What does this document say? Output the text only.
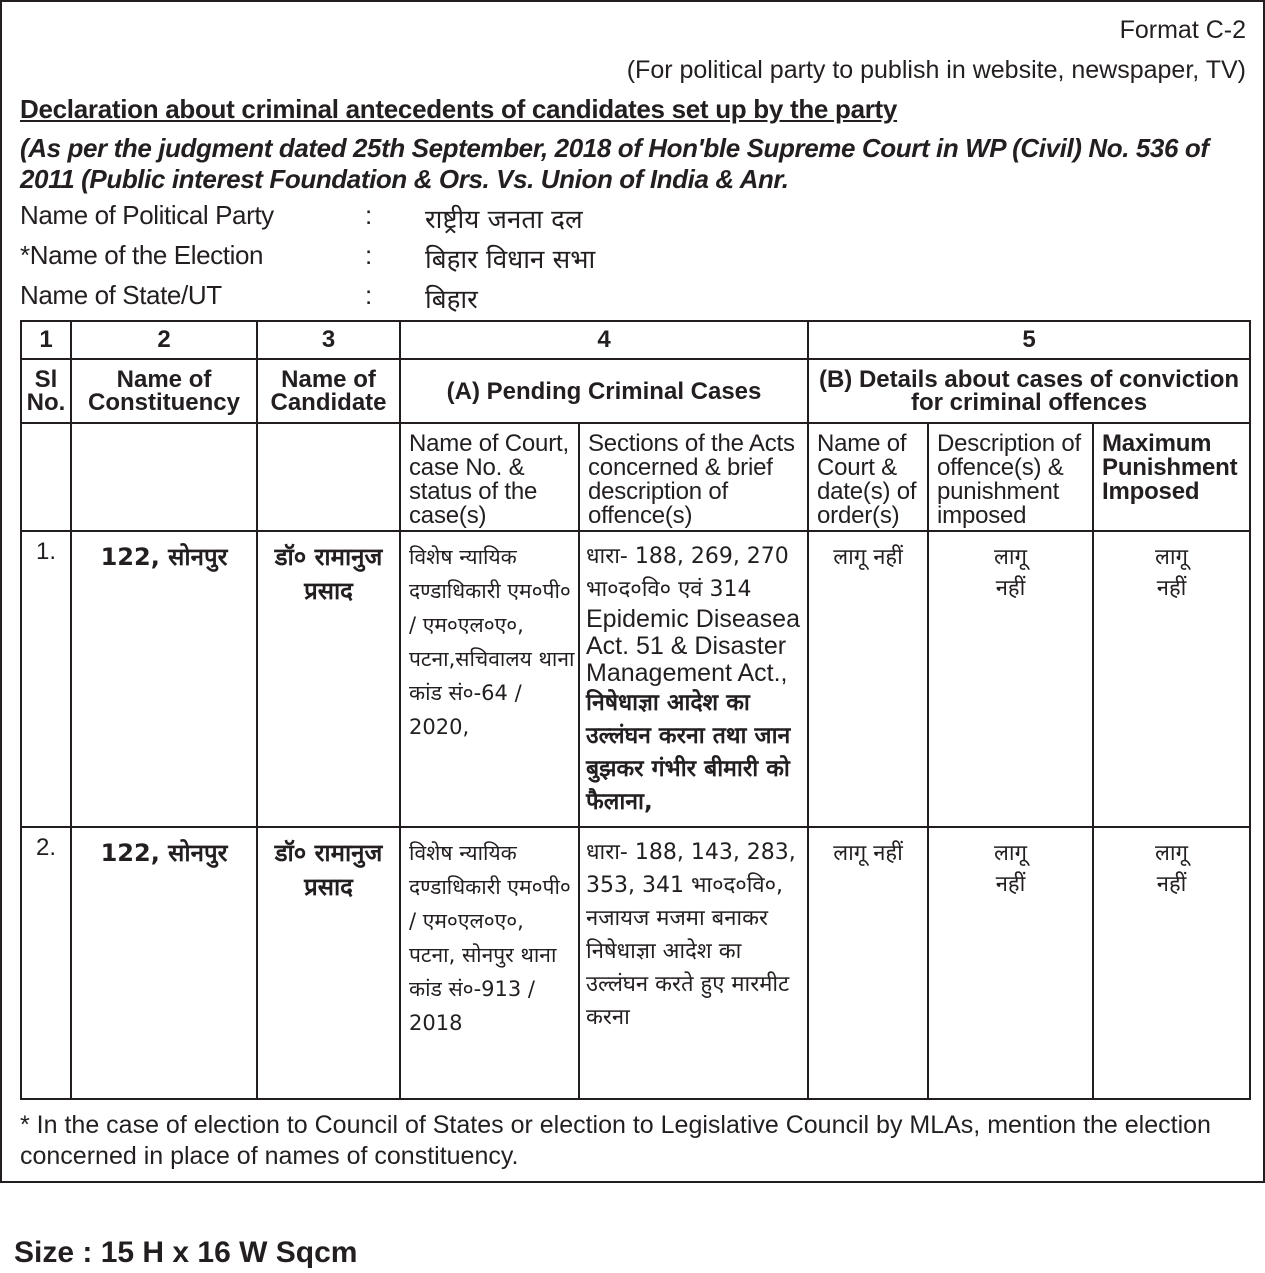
Format C-2
(For political party to publish in website, newspaper, TV)
Declaration about criminal antecedents of candidates set up by the party
(As per the judgment dated 25th September, 2018 of Hon'ble Supreme Court in WP (Civil) No. 536 of 2011 (Public interest Foundation & Ors. Vs. Union of India & Anr.
Name of Political Party	: राष्ट्रीय जनता दल
*Name of the Election	: बिहार विधान सभा
Name of State/UT	: बिहार
1	2	3	4		5		
Sl No.	Name of Constituency	Name of Candidate	(A) Pending Criminal Cases		(B) Details about cases of conviction for criminal offences		
			Name of Court, case No. & status of the case(s)	Sections of the Acts concerned & brief description of offence(s)	Name of Court & date(s) of order(s)	Description of offence(s) & punishment imposed	Maximum Punishment Imposed
1.	122, सोनपुर	डॉ० रामानुज प्रसाद	विशेष न्यायिक दण्डाधिकारी एम०पी० / एम०एल०ए०, पटना,सचिवालय थाना कांड सं०-64 / 2020,	धारा- 188, 269, 270 भा०द०वि० एवं 314
Epidemic Diseasea Act. 51 & Disaster Management Act.,
निषेधाज्ञा आदेश का उल्लंघन करना तथा जान बुझकर गंभीर बीमारी को फैलाना,	लागू नहीं	लागू नहीं	लागू नहीं
2.	122, सोनपुर	डॉ० रामानुज प्रसाद	विशेष न्यायिक दण्डाधिकारी एम०पी० / एम०एल०ए०, पटना, सोनपुर थाना कांड सं०-913 / 2018	धारा- 188, 143, 283, 353, 341 भा०द०वि०, नजायज मजमा बनाकर निषेधाज्ञा आदेश का उल्लंघन करते हुए मारमीट करना	लागू नहीं	लागू नहीं	लागू नहीं
* In the case of election to Council of States or election to Legislative Council by MLAs, mention the election concerned in place of names of constituency.
Size : 15 H x 16 W Sqcm
